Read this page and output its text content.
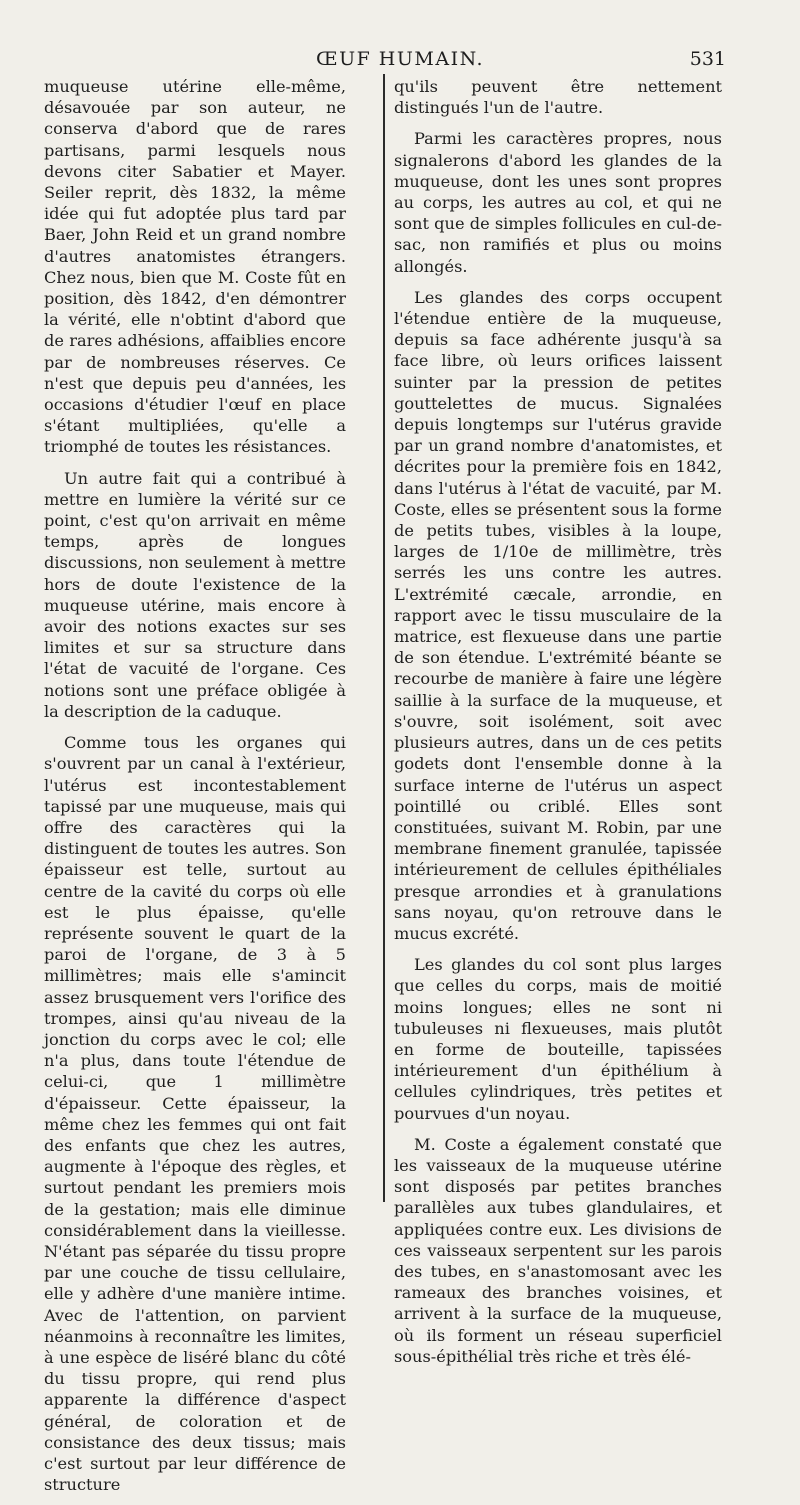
ŒUF HUMAIN.	531

muqueuse utérine elle-même, désavouée par son auteur, ne conserva d'abord que de rares partisans, parmi lesquels nous devons citer Sabatier et Mayer. Seiler reprit, dès 1832, la même idée qui fut adoptée plus tard par Baer, John Reid et un grand nombre d'autres anatomistes étrangers. Chez nous, bien que M. Coste fût en position, dès 1842, d'en démontrer la vérité, elle n'obtint d'abord que de rares adhésions, affaiblies encore par de nombreuses réserves. Ce n'est que depuis peu d'années, les occasions d'étudier l'œuf en place s'étant multipliées, qu'elle a triomphé de toutes les résistances.

Un autre fait qui a contribué à mettre en lumière la vérité sur ce point, c'est qu'on arrivait en même temps, après de longues discussions, non seulement à mettre hors de doute l'existence de la muqueuse utérine, mais encore à avoir des notions exactes sur ses limites et sur sa structure dans l'état de vacuité de l'organe. Ces notions sont une préface obligée à la description de la caduque.

Comme tous les organes qui s'ouvrent par un canal à l'extérieur, l'utérus est incontestablement tapissé par une muqueuse, mais qui offre des caractères qui la distinguent de toutes les autres. Son épaisseur est telle, surtout au centre de la cavité du corps où elle est le plus épaisse, qu'elle représente souvent le quart de la paroi de l'organe, de 3 à 5 millimètres; mais elle s'amincit assez brusquement vers l'orifice des trompes, ainsi qu'au niveau de la jonction du corps avec le col; elle n'a plus, dans toute l'étendue de celui-ci, que 1 millimètre d'épaisseur. Cette épaisseur, la même chez les femmes qui ont fait des enfants que chez les autres, augmente à l'époque des règles, et surtout pendant les premiers mois de la gestation; mais elle diminue considérablement dans la vieillesse. N'étant pas séparée du tissu propre par une couche de tissu cellulaire, elle y adhère d'une manière intime. Avec de l'attention, on parvient néanmoins à reconnaître les limites, à une espèce de liséré blanc du côté du tissu propre, qui rend plus apparente la différence d'aspect général, de coloration et de consistance des deux tissus; mais c'est surtout par leur différence de structure

qu'ils peuvent être nettement distingués l'un de l'autre.

Parmi les caractères propres, nous signalerons d'abord les glandes de la muqueuse, dont les unes sont propres au corps, les autres au col, et qui ne sont que de simples follicules en cul-de-sac, non ramifiés et plus ou moins allongés.

Les glandes des corps occupent l'étendue entière de la muqueuse, depuis sa face adhérente jusqu'à sa face libre, où leurs orifices laissent suinter par la pression de petites gouttelettes de mucus. Signalées depuis longtemps sur l'utérus gravide par un grand nombre d'anatomistes, et décrites pour la première fois en 1842, dans l'utérus à l'état de vacuité, par M. Coste, elles se présentent sous la forme de petits tubes, visibles à la loupe, larges de 1/10e de millimètre, très serrés les uns contre les autres. L'extrémité cæcale, arrondie, en rapport avec le tissu musculaire de la matrice, est flexueuse dans une partie de son étendue. L'extrémité béante se recourbe de manière à faire une légère saillie à la surface de la muqueuse, et s'ouvre, soit isolément, soit avec plusieurs autres, dans un de ces petits godets dont l'ensemble donne à la surface interne de l'utérus un aspect pointillé ou criblé. Elles sont constituées, suivant M. Robin, par une membrane finement granulée, tapissée intérieurement de cellules épithéliales presque arrondies et à granulations sans noyau, qu'on retrouve dans le mucus excrété.

Les glandes du col sont plus larges que celles du corps, mais de moitié moins longues; elles ne sont ni tubuleuses ni flexueuses, mais plutôt en forme de bouteille, tapissées intérieurement d'un épithélium à cellules cylindriques, très petites et pourvues d'un noyau.

M. Coste a également constaté que les vaisseaux de la muqueuse utérine sont disposés par petites branches parallèles aux tubes glandulaires, et appliquées contre eux. Les divisions de ces vaisseaux serpentent sur les parois des tubes, en s'anastomosant avec les rameaux des branches voisines, et arrivent à la surface de la muqueuse, où ils forment un réseau superficiel sous-épithélial très riche et très élé-
